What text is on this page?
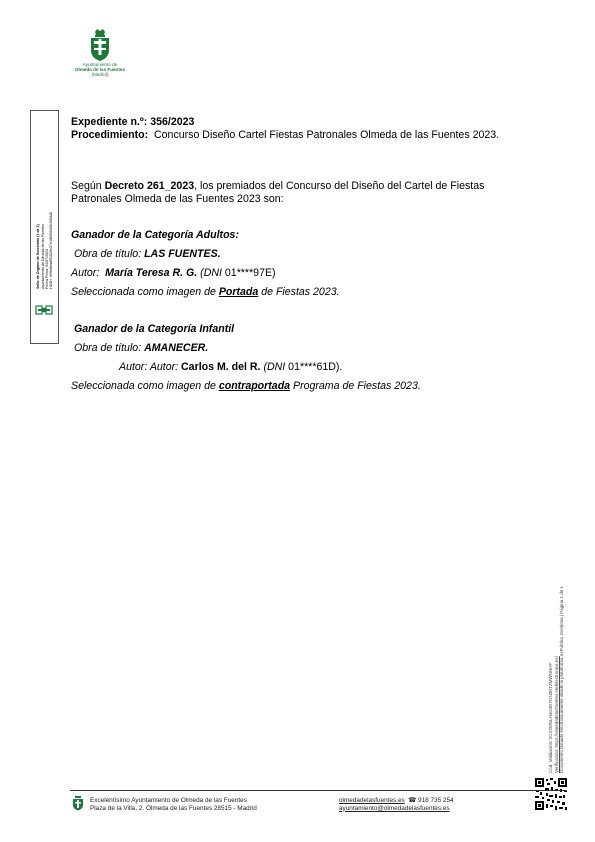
Ayuntamiento de
Olmeda de las Fuentes
(Madrid)
Sello de Órgano de Secretaría (1 de 1) Ayuntamiento de Olmeda de las Fuentes Fecha Firma: 04/07/2023 HASH: ee9a9eadf91829c37e4d6906006495d48
Expediente n.º: 356/2023
Procedimiento: Concurso Diseño Cartel Fiestas Patronales Olmeda de las Fuentes 2023.
Según Decreto 261_2023, los premiados del Concurso del Diseño del Cartel de Fiestas
Patronales Olmeda de las Fuentes 2023 son:
Ganador de la Categoría Adultos:
Obra de título: LAS FUENTES.
Autor:  María Teresa R. G. (DNI 01****97E)
Seleccionada como imagen de Portada de Fiestas 2023.
Ganador de la Categoría Infantil
Obra de título: AMANECER.
Autor: Autor: Carlos M. del R. (DNI 01****61D).
Seleccionada como imagen de contraportada Programa de Fiestas 2023.
Cód. Validación: 3CX2MNLH4G3EYDN3KTZMWNNHF Verificación: https://olmedadelasfuentes.sedelectronica.es/ Documento firmado electrónicamente desde la plataforma esPublico Gestiona | Página 1 de 1
Excelentísimo Ayuntamiento de Olmeda de las Fuentes
Plaza de la Villa, 2. Olmeda de las Fuentes 28515 - Madrid
olmedadelasfuentes.es ☎ 918 735 254
ayuntamiento@olmedadelasfuentes.es
